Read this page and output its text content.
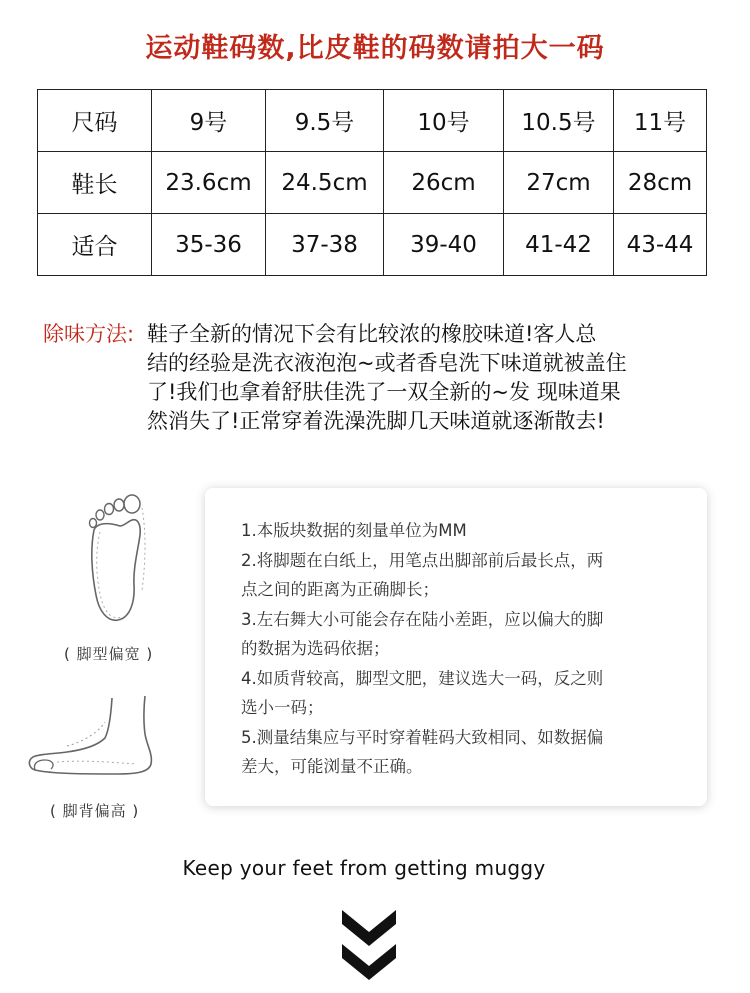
运动鞋码数,比皮鞋的码数请拍大一码
尺码	9号	9.5号	10号	10.5号	11号
鞋长	23.6cm	24.5cm	26cm	27cm	28cm
适合	35-36	37-38	39-40	41-42	43-44
除味方法: 鞋子全新的情况下会有比较浓的橡胶味道!客人总
结的经验是洗衣液泡泡~或者香皂洗下味道就被盖住
了!我们也拿着舒肤佳洗了一双全新的~发 现味道果
然消失了!正常穿着洗澡洗脚几天味道就逐渐散去!
( 脚型偏宽 )
( 脚背偏高 )
1.本版块数据的刻量单位为MM
2.将脚题在白纸上，用笔点出脚部前后最长点，两
点之间的距离为正确脚长；
3.左右舞大小可能会存在陆小差距，应以偏大的脚
的数据为选码依据；
4.如质背较高，脚型文肥，建议选大一码，反之则
选小一码；
5.测量结集应与平时穿着鞋码大致相同、如数据偏
差大，可能浏量不正确。
Keep your feet from getting muggy
